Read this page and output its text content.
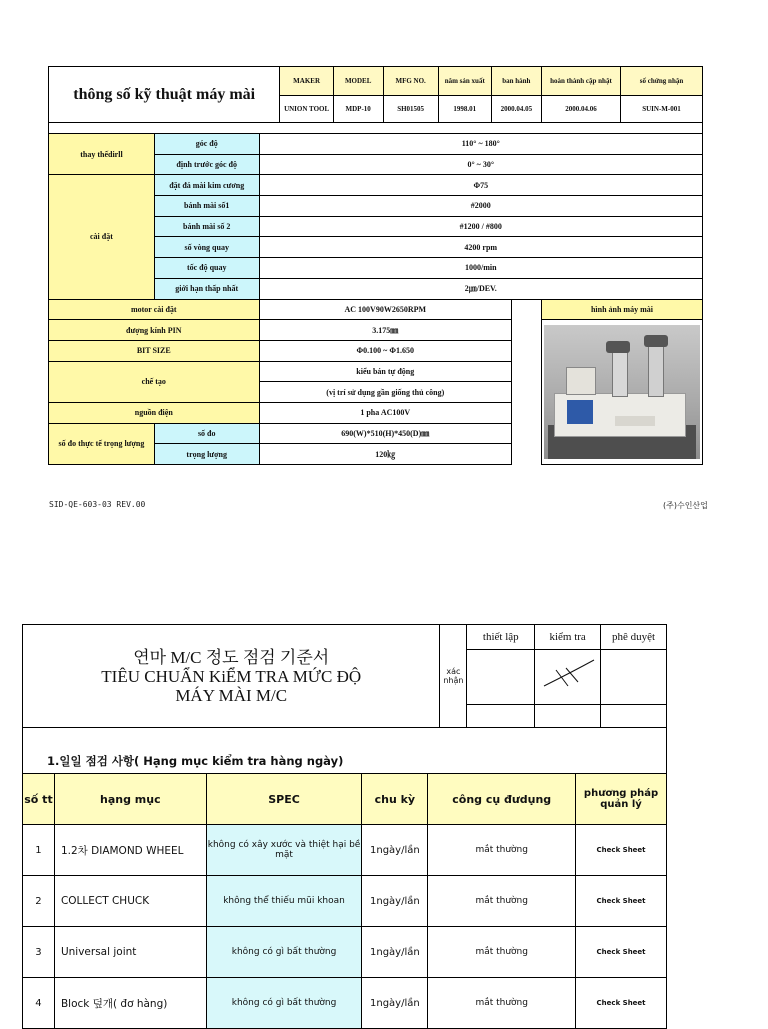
thông số kỹ thuật máy mài			MAKER	MODEL	MFG NO.	năm sản xuất	ban hành		hoàn thành cập nhật	số chứng nhận
			UNION TOOL	MDP-10	SH01505	1998.01	2000.04.05		2000.04.06	SUIN-M-001

thay thếdirll	góc độ	110° ~ 180°								
	định trước góc độ	0° ~ 30°								
cài đặt	đặt đá mài kim cương	Φ75								
	bánh mài số1	#2000								
	bánh mài số 2	#1200 / #800								
	số vòng quay	4200 rpm								
	tốc độ quay	1000/min								
	giới hạn thấp nhất	2㎛/DEV.								
motor cài đặt		AC 100V90W2650RPM							hình ảnh máy mài	
đượng kính PIN		3.175㎜								

BIT SIZE		Φ0.100 ~ Φ1.650								
chế tạo		kiểu bán tự động								
		(vị trí sử dụng gần giống thủ công)								
nguồn điện		1 pha AC100V								
số đo thực tế trọng lượng	số đo	690(W)*510(H)*450(D)㎜								
	trọng lượng	120㎏								
SID-QE-603-03 REV.00	(주)수인산업
연마 M/C 정도 점검 기준서
TIÊU CHUẨN KiỂM TRA MỨC ĐỘ
MÁY MÀI M/C	xác nhận	thiết lập	kiểm tra	phê duyệt

1.일일 점검 사항( Hạng mục kiểm tra hàng ngày)
số tt	hạng mục	SPEC	chu kỳ	công cụ đưdụng	phương pháp quản lý
1	1.2차 DIAMOND WHEEL	không có xây xước và thiệt hại bề mặt	1ngày/lần	mắt thường	Check Sheet
2	COLLECT CHUCK	không thể thiếu mũi khoan	1ngày/lần	mắt thường	Check Sheet
3	Universal joint	không có gì bất thường	1ngày/lần	mắt thường	Check Sheet
4	Block 덮개( đơ hàng)	không có gì bất thường	1ngày/lần	mắt thường	Check Sheet
